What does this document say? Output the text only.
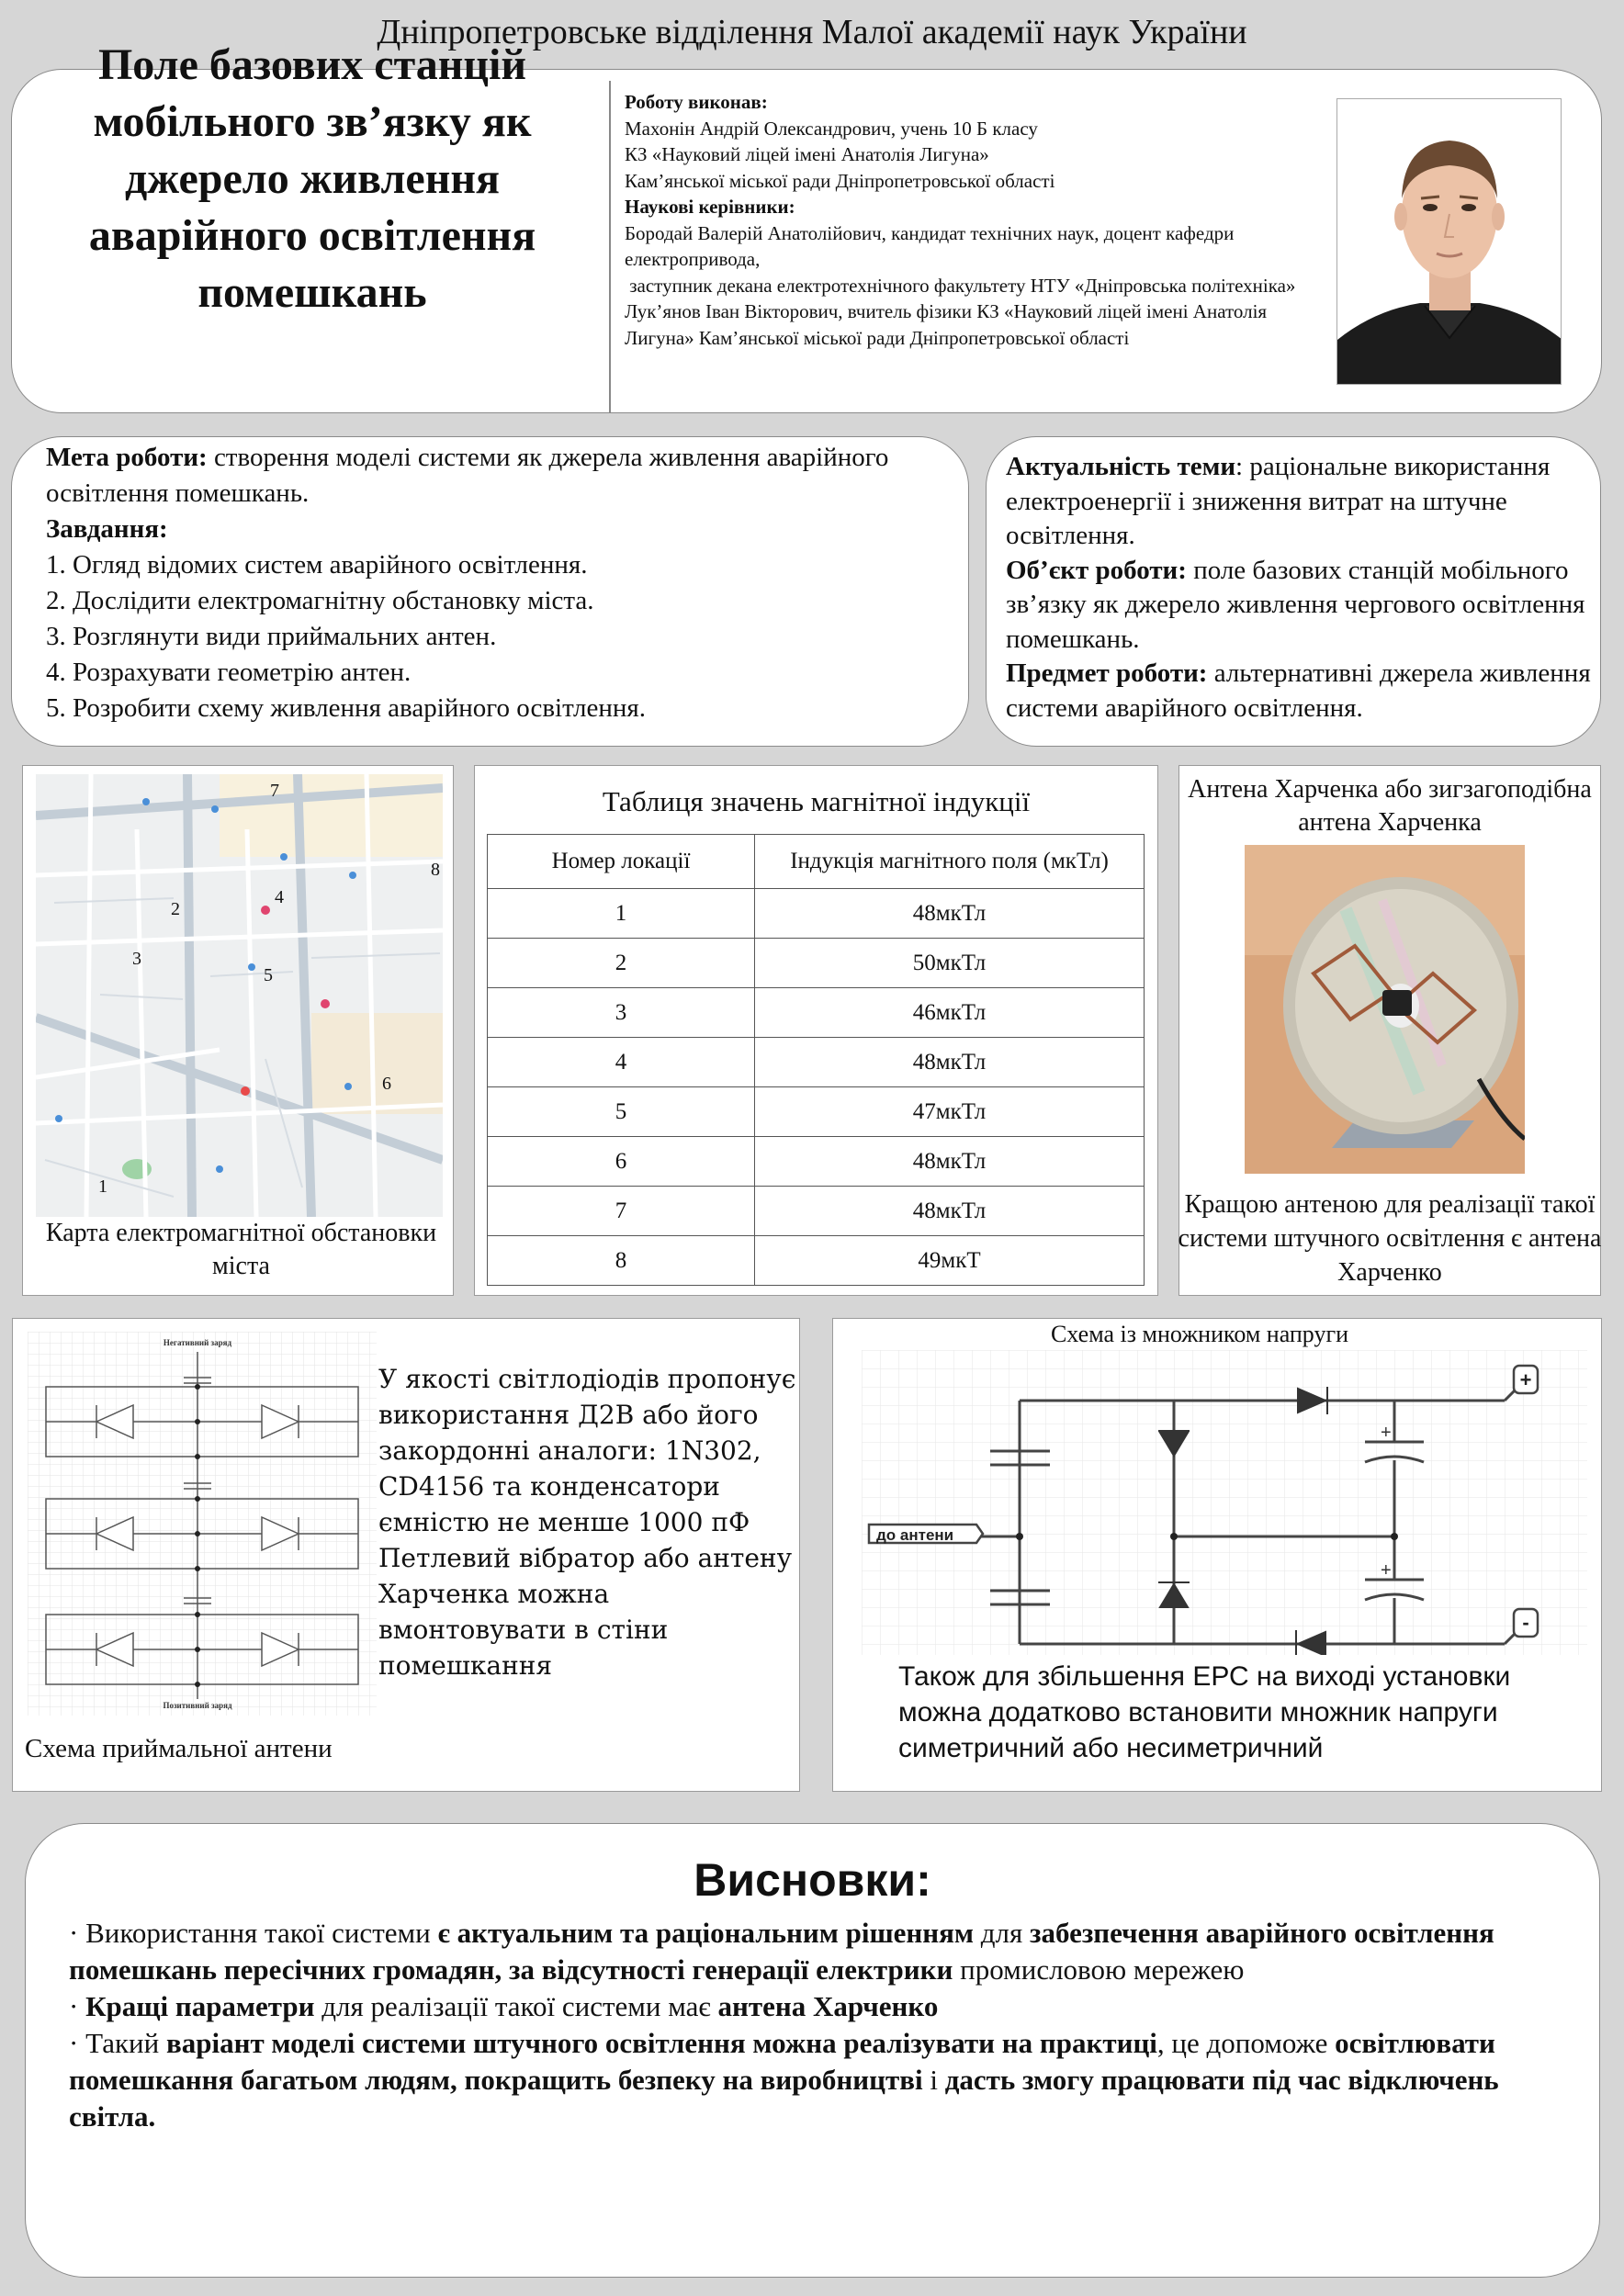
Дніпропетровське відділення Малої академії наук України
Поле базових станцій мобільного зв’язку як джерело живлення аварійного освітлення помешкань
Роботу виконав:
Махонін Андрій Олександрович, учень 10 Б класу
КЗ «Науковий ліцей імені Анатолія Лигуна»
Кам’янської міської ради Дніпропетровської області
Наукові керівники:
Бородай Валерій Анатолійович, кандидат технічних наук, доцент кафедри електропривода,
заступник декана електротехнічного факультету НТУ «Дніпровська політехніка»
Лук’янов Іван Вікторович, вчитель фізики КЗ «Науковий ліцей імені Анатолія Лигуна» Кам’янської міської ради Дніпропетровської області
Мета роботи: створення моделі системи як джерела живлення аварійного освітлення помешкань.
Завдання:
1. Огляд відомих систем аварійного освітлення.
2. Дослідити електромагнітну обстановку міста.
3. Розглянути види приймальних антен.
4. Розрахувати геометрію антен.
5. Розробити схему живлення аварійного освітлення.
Актуальність теми: раціональне використання електроенергії і зниження витрат на штучне освітлення.
Об’єкт роботи: поле базових станцій мобільного зв’язку як джерело живлення чергового освітлення помешкань.
Предмет роботи: альтернативні джерела живлення системи аварійного освітлення.
7
8
4
2
3
5
6
1
Карта електромагнітної обстановки міста
Таблиця значень магнітної індукції
Номер локації	Індукція магнітного поля (мкТл)
1	48мкТл
2	50мкТл
3	46мкТл
4	48мкТл
5	47мкТл
6	48мкТл
7	48мкТл
8	49мкТ
Антена Харченка або зигзагоподібна антена Харченка
Кращою антеною для реалізації такої системи штучного освітлення є антена Харченко
Негативний заряд
Позитивний заряд
У якості світлодіодів пропонує використання Д2В або його закордонні аналоги: 1N302, CD4156 та конденсатори ємністю не менше 1000 пФ Петлевий вібратор або антену Харченка можна вмонтовувати в стіни помешкання
Схема приймальної антени
Схема із множником напруги
+
+
+
-
до антени
Також для збільшення ЕРС на виході установки можна додатково встановити множник напруги симетричний або несиметричний
Висновки:

· Використання такої системи є актуальним та раціональним рішенням для забезпечення аварійного освітлення помешкань пересічних громадян, за відсутності генерації електрики промисловою мережею

· Кращі параметри для реалізації такої системи має антена Харченко

· Такий варіант моделі системи штучного освітлення можна реалізувати на практиці, це допоможе освітлювати помешкання багатьом людям, покращить безпеку на виробництві і дасть змогу працювати під час відключень світла.
